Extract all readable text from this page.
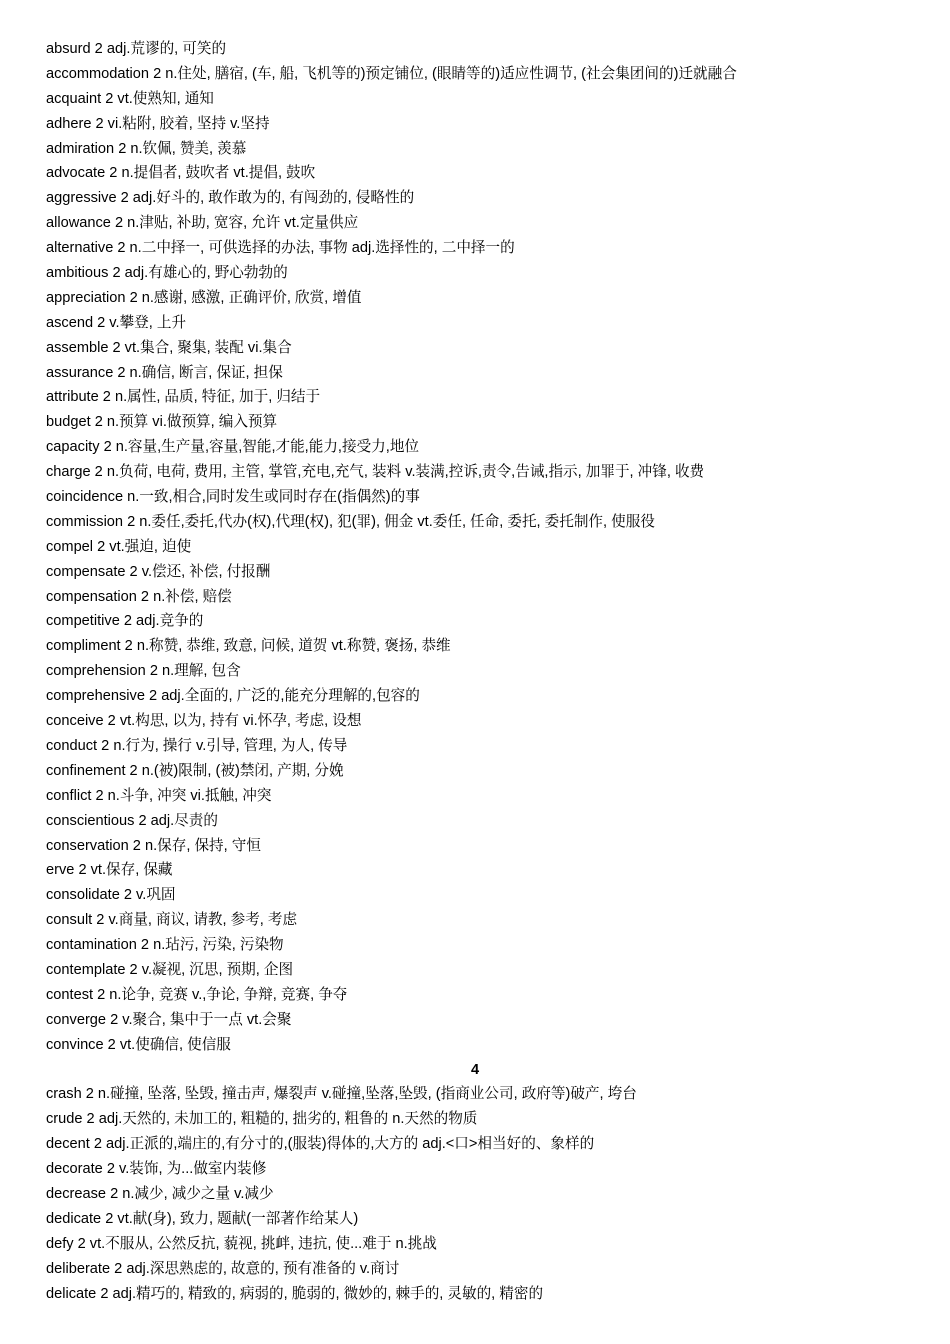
absurd 2 adj.荒谬的, 可笑的
accommodation 2 n.住处, 膳宿, (车, 船, 飞机等的)预定铺位, (眼睛等的)适应性调节, (社会集团间的)迁就融合
acquaint 2 vt.使熟知, 通知
adhere 2 vi.粘附, 胶着, 坚持 v.坚持
admiration 2 n.钦佩, 赞美, 羡慕
advocate 2 n.提倡者, 鼓吹者 vt.提倡, 鼓吹
aggressive 2 adj.好斗的, 敢作敢为的, 有闯劲的, 侵略性的
allowance 2 n.津贴, 补助, 宽容, 允许 vt.定量供应
alternative 2 n.二中择一, 可供选择的办法, 事物 adj.选择性的, 二中择一的
ambitious 2 adj.有雄心的, 野心勃勃的
appreciation 2 n.感谢, 感激, 正确评价, 欣赏, 增值
ascend 2 v.攀登, 上升
assemble 2 vt.集合, 聚集, 装配 vi.集合
assurance 2 n.确信, 断言, 保证, 担保
attribute 2 n.属性, 品质, 特征, 加于, 归结于
budget 2 n.预算 vi.做预算, 编入预算
capacity 2 n.容量,生产量,容量,智能,才能,能力,接受力,地位
charge 2 n.负荷, 电荷, 费用, 主管, 掌管,充电,充气, 装料 v.装满,控诉,责令,告诫,指示, 加罪于, 冲锋, 收费
coincidence n.一致,相合,同时发生或同时存在(指偶然)的事
commission 2 n.委任,委托,代办(权),代理(权), 犯(罪), 佣金 vt.委任, 任命, 委托, 委托制作, 使服役
compel 2 vt.强迫, 迫使
compensate 2 v.偿还, 补偿, 付报酬
compensation 2 n.补偿, 赔偿
competitive 2 adj.竞争的
compliment 2 n.称赞, 恭维, 致意, 问候, 道贺 vt.称赞, 褒扬, 恭维
comprehension 2 n.理解, 包含
comprehensive 2 adj.全面的, 广泛的,能充分理解的,包容的
conceive 2 vt.构思, 以为, 持有 vi.怀孕, 考虑, 设想
conduct 2 n.行为, 操行 v.引导, 管理, 为人, 传导
confinement 2 n.(被)限制, (被)禁闭, 产期, 分娩
conflict 2 n.斗争, 冲突 vi.抵触, 冲突
conscientious 2 adj.尽责的
conservation 2 n.保存, 保持, 守恒
erve 2 vt.保存, 保藏
consolidate 2 v.巩固
consult 2 v.商量, 商议, 请教, 参考, 考虑
contamination 2 n.玷污, 污染, 污染物
contemplate 2 v.凝视, 沉思, 预期, 企图
contest 2 n.论争, 竞赛 v.,争论, 争辩, 竞赛, 争夺
converge 2 v.聚合, 集中于一点 vt.会聚
convince 2 vt.使确信, 使信服
4
crash 2 n.碰撞, 坠落, 坠毁, 撞击声, 爆裂声 v.碰撞,坠落,坠毁, (指商业公司, 政府等)破产, 垮台
crude 2 adj.天然的, 未加工的, 粗糙的, 拙劣的, 粗鲁的 n.天然的物质
decent 2 adj.正派的,端庄的,有分寸的,(服装)得体的,大方的 adj.<口>相当好的、象样的
decorate 2 v.装饰, 为...做室内装修
decrease 2 n.减少, 减少之量 v.减少
dedicate 2 vt.献(身), 致力, 题献(一部著作给某人)
defy 2 vt.不服从, 公然反抗, 藐视, 挑衅, 违抗, 使...难于 n.挑战
deliberate 2 adj.深思熟虑的, 故意的, 预有准备的 v.商讨
delicate 2 adj.精巧的, 精致的, 病弱的, 脆弱的, 微妙的, 棘手的, 灵敏的, 精密的
